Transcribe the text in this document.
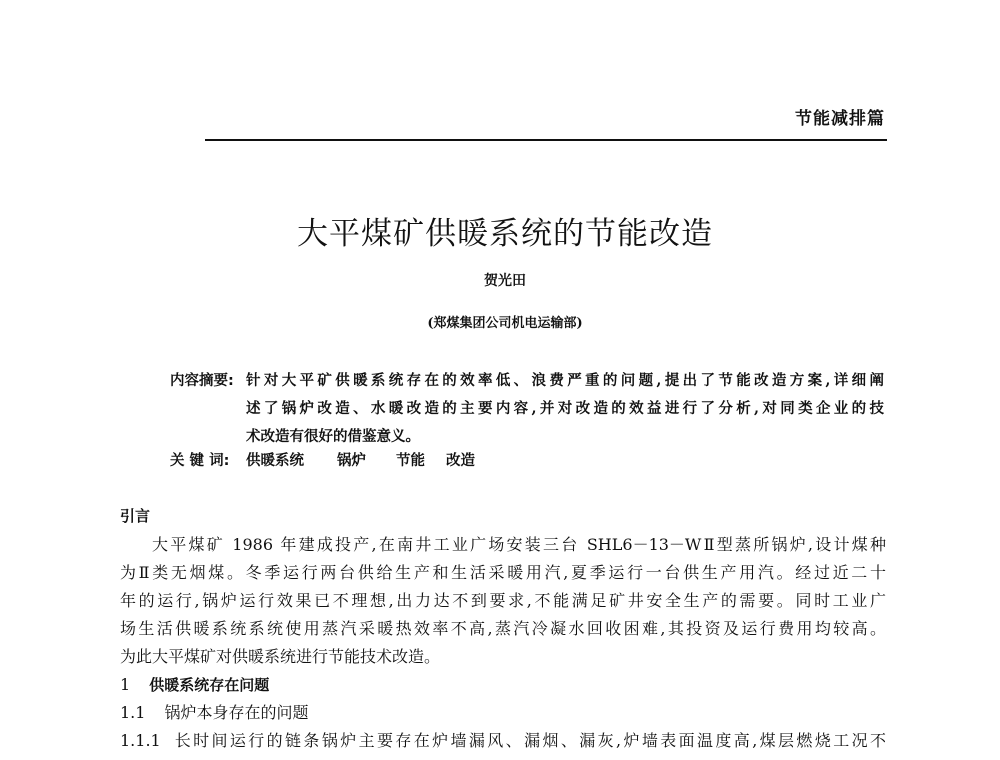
节能减排篇
大平煤矿供暖系统的节能改造
贺光田
(郑煤集团公司机电运输部)
内容摘要: 针对大平矿供暖系统存在的效率低、浪费严重的问题,提出了节能改造方案,详细阐
述了锅炉改造、水暖改造的主要内容,并对改造的效益进行了分析,对同类企业的技
术改造有很好的借鉴意义。
关 键 词: 供暖系统 锅炉 节能 改造
引言
大平煤矿 1986 年建成投产,在南井工业广场安装三台 SHL6－13－WⅡ型蒸所锅炉,设计煤种
为Ⅱ类无烟煤。冬季运行两台供给生产和生活采暖用汽,夏季运行一台供生产用汽。经过近二十
年的运行,锅炉运行效果已不理想,出力达不到要求,不能满足矿井安全生产的需要。同时工业广
场生活供暖系统系统使用蒸汽采暖热效率不高,蒸汽冷凝水回收困难,其投资及运行费用均较高。
为此大平煤矿对供暖系统进行节能技术改造。
1 供暖系统存在问题
1.1 锅炉本身存在的问题
1.1.1 长时间运行的链条锅炉主要存在炉墙漏风、漏烟、漏灰,炉墙表面温度高,煤层燃烧工况不
